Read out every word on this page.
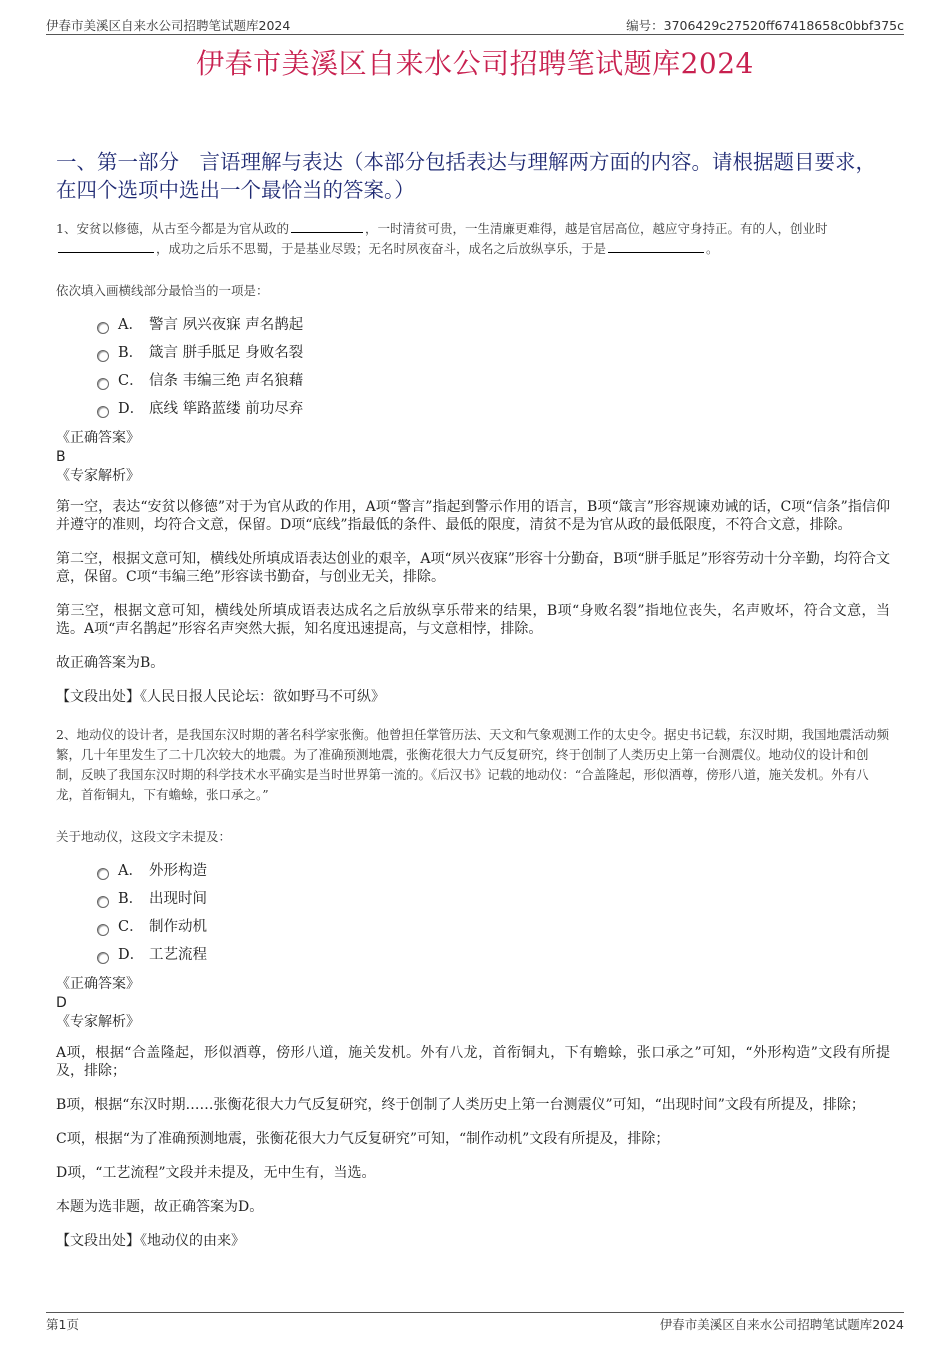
伊春市美溪区自来水公司招聘笔试题库2024	编号：3706429c27520ff67418658c0bbf375c
伊春市美溪区自来水公司招聘笔试题库2024
一、第一部分　言语理解与表达（本部分包括表达与理解两方面的内容。请根据题目要求，在四个选项中选出一个最恰当的答案。）

1、安贫以修德，从古至今都是为官从政的	，一时清贫可贵，一生清廉更难得，越是官居高位，越应守身持正。有的人，创业时，成功之后乐不思蜀，于是基业尽毁；无名时夙夜奋斗，成名之后放纵享乐，于是	。

依次填入画横线部分最恰当的一项是：
A． 警言 夙兴夜寐 声名鹊起
B． 箴言 胼手胝足 身败名裂
C． 信条 韦编三绝 声名狼藉
D． 底线 筚路蓝缕 前功尽弃
《正确答案》
B
《专家解析》

第一空，表达“安贫以修德”对于为官从政的作用，A项“警言”指起到警示作用的语言，B项“箴言”形容规谏劝诫的话，C项“信条”指信仰并遵守的准则，均符合文意，保留。D项“底线”指最低的条件、最低的限度，清贫不是为官从政的最低限度，不符合文意，排除。

第二空，根据文意可知，横线处所填成语表达创业的艰辛，A项“夙兴夜寐”形容十分勤奋，B项“胼手胝足”形容劳动十分辛勤，均符合文意，保留。C项“韦编三绝”形容读书勤奋，与创业无关，排除。

第三空，根据文意可知，横线处所填成语表达成名之后放纵享乐带来的结果，B项“身败名裂”指地位丧失，名声败坏，符合文意，当选。A项“声名鹊起”形容名声突然大振，知名度迅速提高，与文意相悖，排除。

故正确答案为B。

【文段出处】《人民日报人民论坛：欲如野马不可纵》

2、地动仪的设计者，是我国东汉时期的著名科学家张衡。他曾担任掌管历法、天文和气象观测工作的太史令。据史书记载，东汉时期，我国地震活动频繁，几十年里发生了二十几次较大的地震。为了准确预测地震，张衡花很大力气反复研究，终于创制了人类历史上第一台测震仪。地动仪的设计和创制，反映了我国东汉时期的科学技术水平确实是当时世界第一流的。《后汉书》记载的地动仪：“合盖隆起，形似酒尊，傍形八道，施关发机。外有八龙，首衔铜丸，下有蟾蜍，张口承之。”

关于地动仪，这段文字未提及：
A． 外形构造
B． 出现时间
C． 制作动机
D． 工艺流程
《正确答案》
D
《专家解析》

A项，根据“合盖隆起，形似酒尊，傍形八道，施关发机。外有八龙，首衔铜丸，下有蟾蜍，张口承之”可知，“外形构造”文段有所提及，排除；

B项，根据“东汉时期……张衡花很大力气反复研究，终于创制了人类历史上第一台测震仪”可知，“出现时间”文段有所提及，排除；

C项，根据“为了准确预测地震，张衡花很大力气反复研究”可知，“制作动机”文段有所提及，排除；

D项，“工艺流程”文段并未提及，无中生有，当选。

本题为选非题，故正确答案为D。

【文段出处】《地动仪的由来》
第1页	伊春市美溪区自来水公司招聘笔试题库2024
